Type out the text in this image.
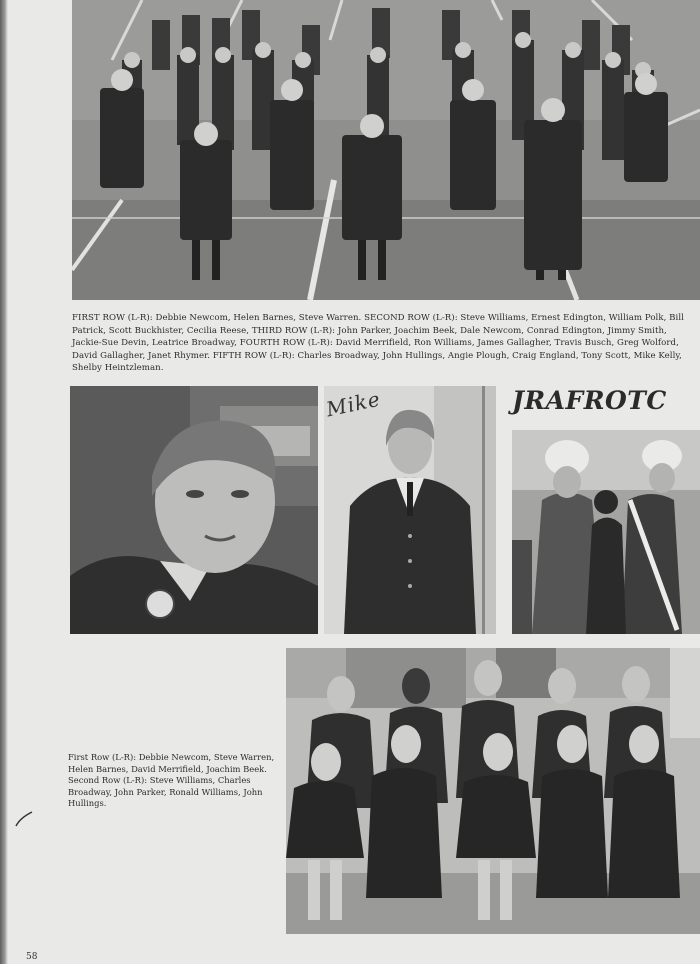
FIRST ROW (L-R): Debbie Newcom, Helen Barnes, Steve Warren. SECOND ROW (L-R): Steve Williams, Ernest Edington, William Polk, Bill Patrick, Scott Buckhister, Cecilia Reese, THIRD ROW (L-R): John Parker, Joachim Beek, Dale Newcom, Conrad Edington, Jimmy Smith, Jackie-Sue Devin, Leatrice Broadway, FOURTH ROW (L-R): David Merrifield, Ron Williams, James Gallagher, Travis Busch, Greg Wolford, David Gallagher, Janet Rhymer. FIFTH ROW (L-R): Charles Broadway, John Hullings, Angie Plough, Craig England, Tony Scott, Mike Kelly, Shelby Heintzleman.

Mike	JRAFROTC

First Row (L-R): Debbie Newcom, Steve Warren, Helen Barnes, David Merrifield, Joachim Beek. Second Row (L-R): Steve Williams, Charles Broadway, John Parker, Ronald Williams, John Hullings.

58
